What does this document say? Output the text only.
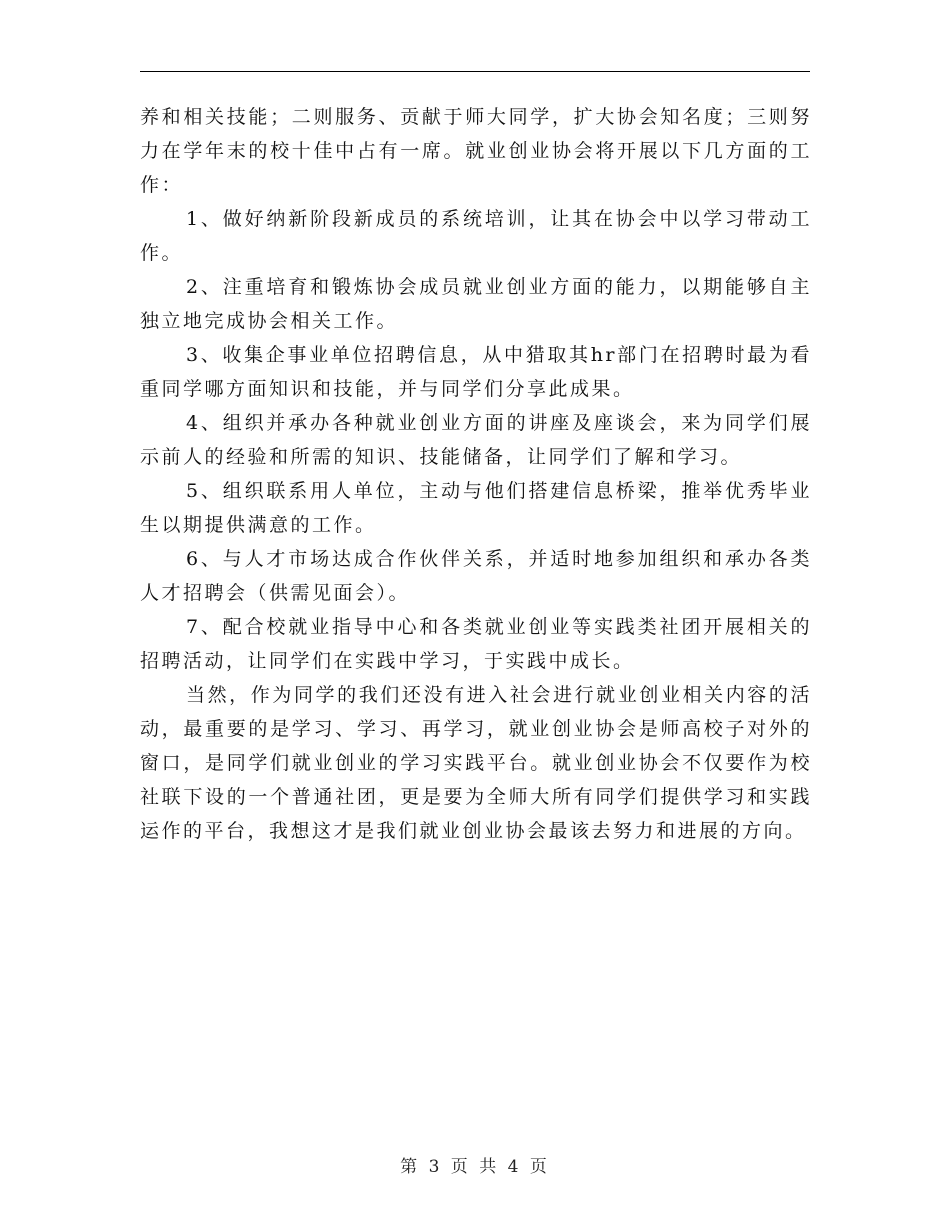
养和相关技能；二则服务、贡献于师大同学，扩大协会知名度；三则努力在学年末的校十佳中占有一席。就业创业协会将开展以下几方面的工作：

1、做好纳新阶段新成员的系统培训，让其在协会中以学习带动工作。

2、注重培育和锻炼协会成员就业创业方面的能力，以期能够自主独立地完成协会相关工作。

3、收集企事业单位招聘信息，从中猎取其hr部门在招聘时最为看重同学哪方面知识和技能，并与同学们分享此成果。

4、组织并承办各种就业创业方面的讲座及座谈会，来为同学们展示前人的经验和所需的知识、技能储备，让同学们了解和学习。

5、组织联系用人单位，主动与他们搭建信息桥梁，推举优秀毕业生以期提供满意的工作。

6、与人才市场达成合作伙伴关系，并适时地参加组织和承办各类人才招聘会（供需见面会）。

7、配合校就业指导中心和各类就业创业等实践类社团开展相关的招聘活动，让同学们在实践中学习，于实践中成长。

当然，作为同学的我们还没有进入社会进行就业创业相关内容的活动，最重要的是学习、学习、再学习，就业创业协会是师高校子对外的窗口，是同学们就业创业的学习实践平台。就业创业协会不仅要作为校社联下设的一个普通社团，更是要为全师大所有同学们提供学习和实践运作的平台，我想这才是我们就业创业协会最该去努力和进展的方向。

第 3 页 共 4 页
